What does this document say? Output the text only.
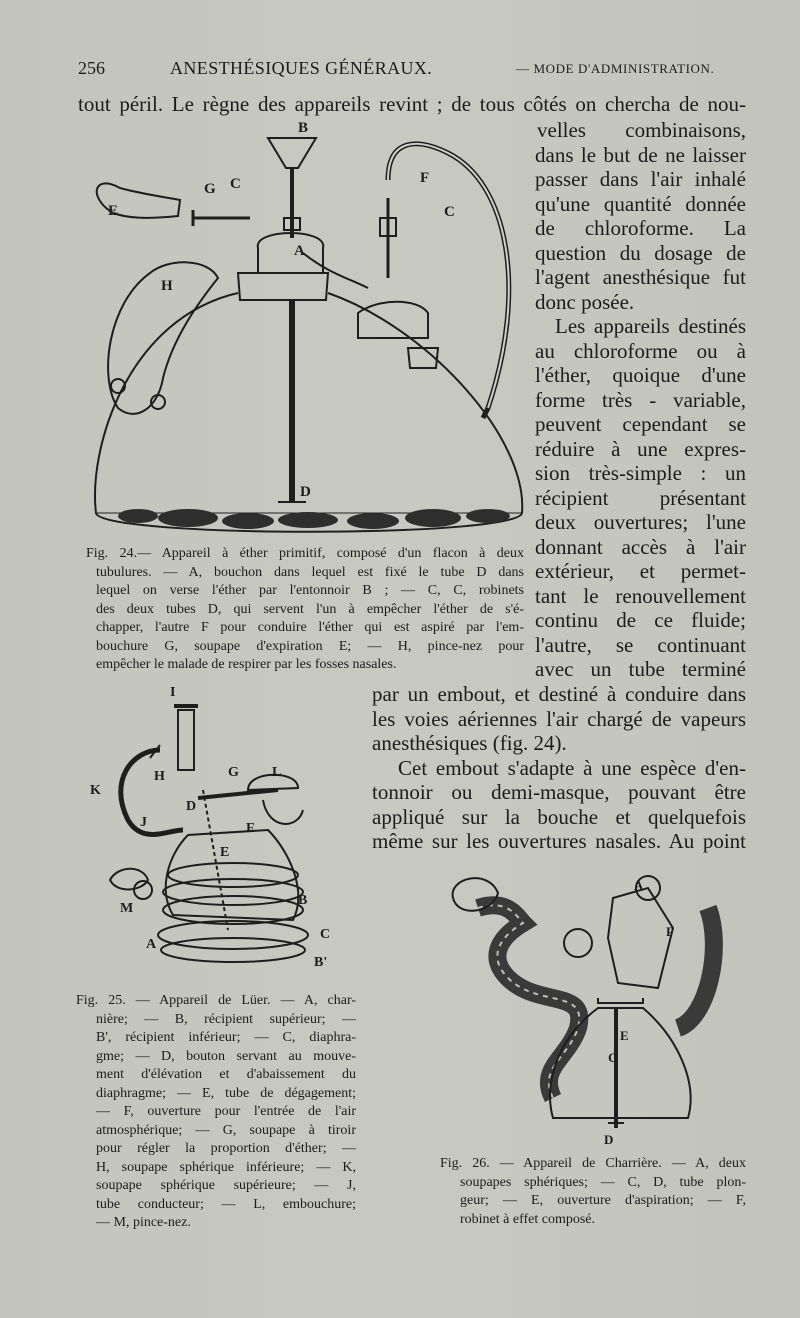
256	ANESTHÉSIQUES GÉNÉRAUX.	— MODE D'ADMINISTRATION.
tout péril. Le règne des appareils revint ; de tous côtés on chercha de nou-
velles combinaisons,
dans le but de ne laisser
passer dans l'air inhalé
qu'une quantité donnée
de chloroforme. La
question du dosage de
l'agent anesthésique fut
donc posée.
Les appareils destinés
au chloroforme ou à
l'éther, quoique d'une
forme très - variable,
peuvent cependant se
réduire à une expres-
sion très-simple : un
récipient présentant
deux ouvertures; l'une
donnant accès à l'air
extérieur, et permet-
tant le renouvellement
continu de ce fluide;
l'autre, se continuant
avec un tube terminé
par un embout, et destiné à conduire dans
les voies aériennes l'air chargé de vapeurs
anesthésiques (fig. 24).
Cet embout s'adapte à une espèce d'en-
tonnoir ou demi-masque, pouvant être
appliqué sur la bouche et quelquefois
même sur les ouvertures nasales. Au point
G C
B
F
E	C
H
A
D
Fig. 24.— Appareil à éther primitif, composé d'un flacon à deux
tubulures. — A, bouchon dans lequel est fixé le tube D dans
lequel on verse l'éther par l'entonnoir B ; — C, C, robinets
des deux tubes D, qui servent l'un à empêcher l'éther de s'é-
chapper, l'autre F pour conduire l'éther qui est aspiré par l'em-
bouchure G, soupape d'expiration E; — H, pince-nez pour
empêcher le malade de respirer par les fosses nasales.
I
H	G L
K
D
F
E
J
M
B
A
C
B'
Fig. 25. — Appareil de Lüer. — A, char-
nière; — B, récipient supérieur; —
B', récipient inférieur; — C, diaphra-
gme; — D, bouton servant au mouve-
ment d'élévation et d'abaissement du
diaphragme; — E, tube de dégagement;
— F, ouverture pour l'entrée de l'air
atmosphérique; — G, soupape à tiroir
pour régler la proportion d'éther; —
H, soupape sphérique inférieure; — K,
soupape sphérique supérieure; — J,
tube conducteur; — L, embouchure;
— M, pince-nez.
A
F
E
C
D
Fig. 26. — Appareil de Charrière. — A, deux
soupapes sphériques; — C, D, tube plon-
geur; — E, ouverture d'aspiration; — F,
robinet à effet composé.
